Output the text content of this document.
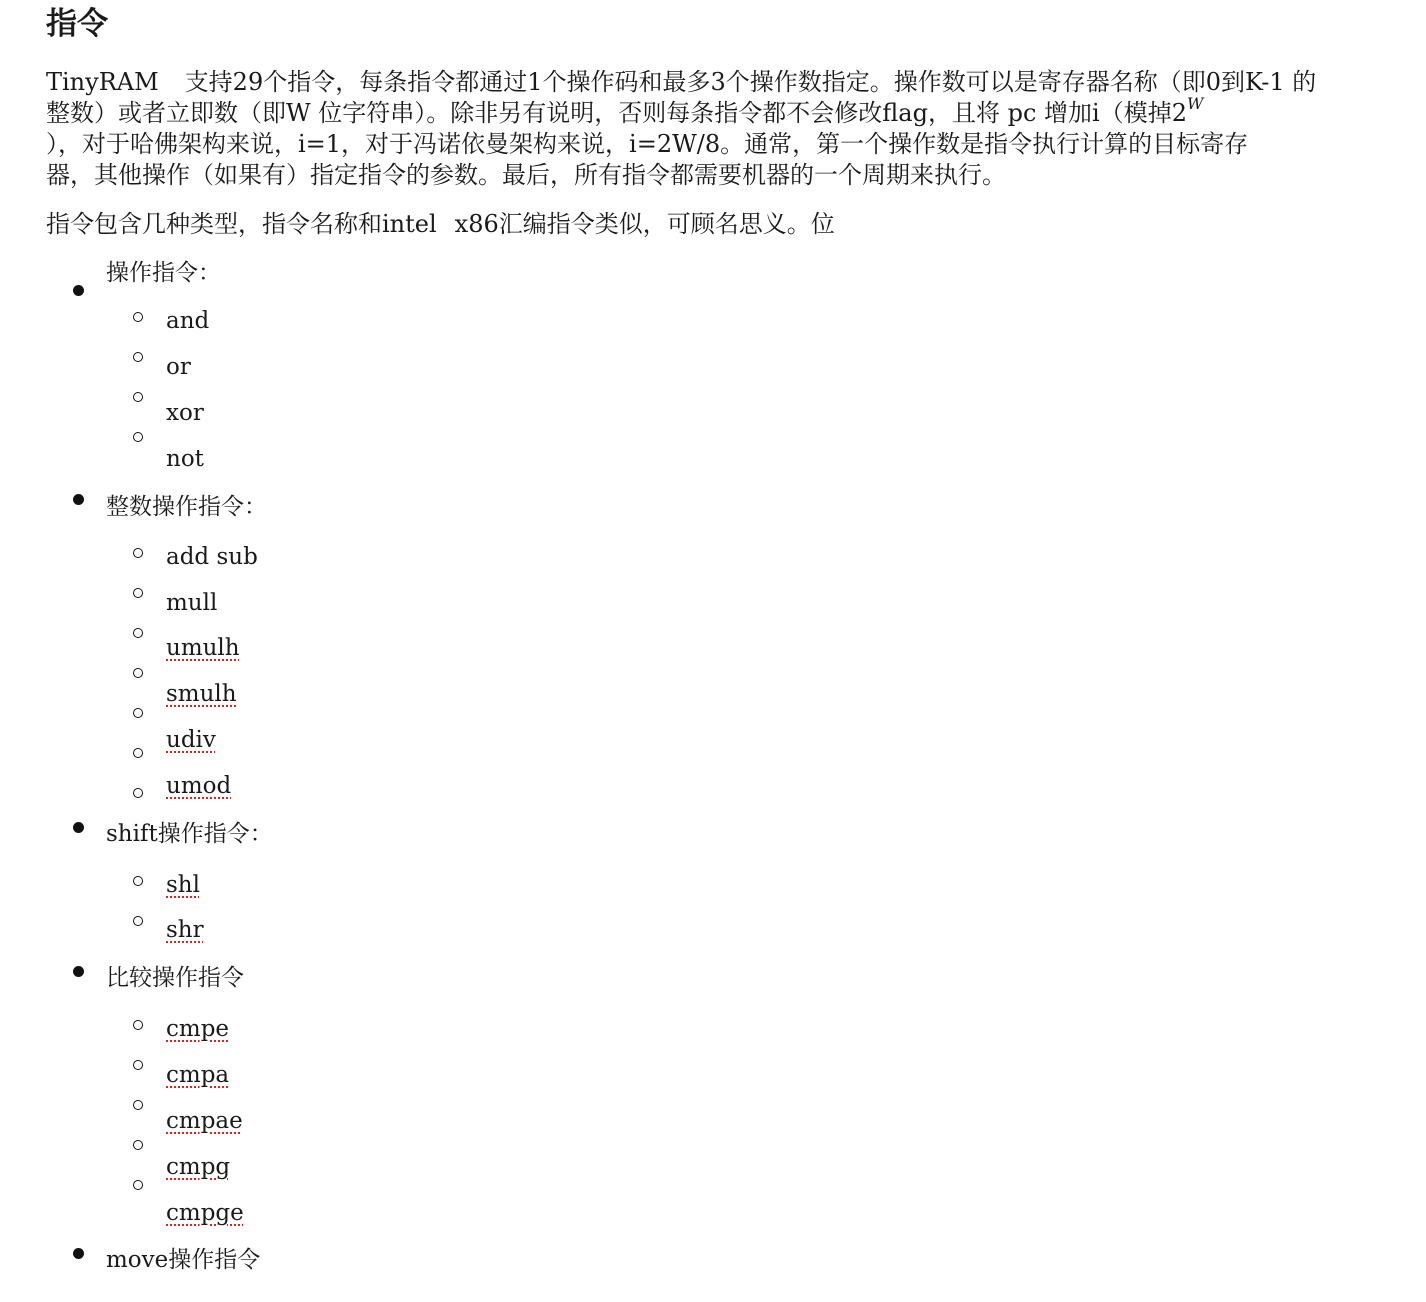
指令

TinyRAM 支持29个指令，每条指令都通过1个操作码和最多3个操作数指定。操作数可以是寄存器名称（即0到K-1 的
整数）或者立即数（即W 位字符串）。除非另有说明，否则每条指令都不会修改flag，且将 pc 增加i（模掉$2^W$
），对于哈佛架构来说，i=1，对于冯诺依曼架构来说，i=2W/8。通常，第一个操作数是指令执行计算的目标寄存
器，其他操作（如果有）指定指令的参数。最后，所有指令都需要机器的一个周期来执行。

指令包含几种类型，指令名称和intel x86汇编指令类似，可顾名思义。位

操作指令：
and
or
xor
not
整数操作指令：
add sub
mull
umulh
smulh
udiv
umod
shift操作指令：
shl
shr
比较操作指令
cmpe
cmpa
cmpae
cmpg
cmpge
move操作指令
